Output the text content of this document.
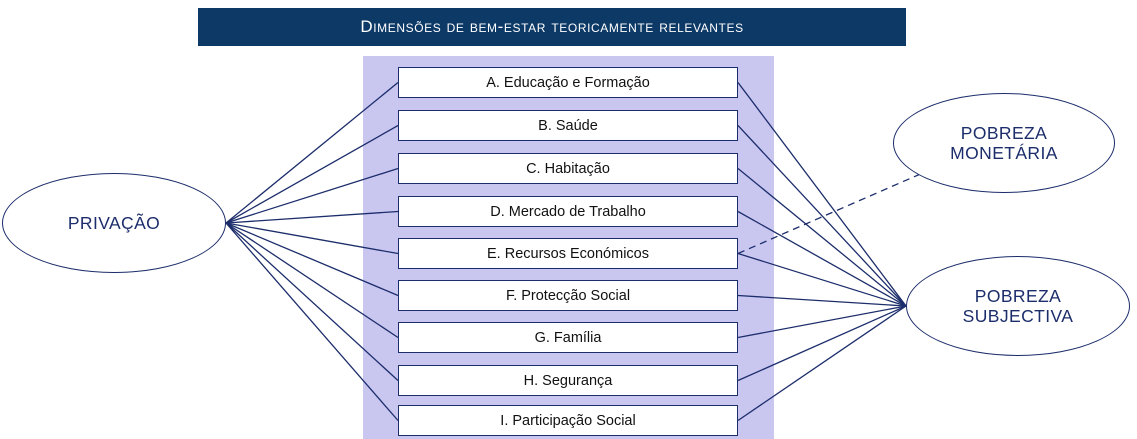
Dimensões de bem-estar teoricamente relevantes
A. Educação e Formação
B. Saúde
C. Habitação
D. Mercado de Trabalho
E. Recursos Económicos
F. Protecção Social
G. Família
H. Segurança
I. Participação Social
PRIVAÇÃO
POBREZA
MONETÁRIA
POBREZA
SUBJECTIVA
